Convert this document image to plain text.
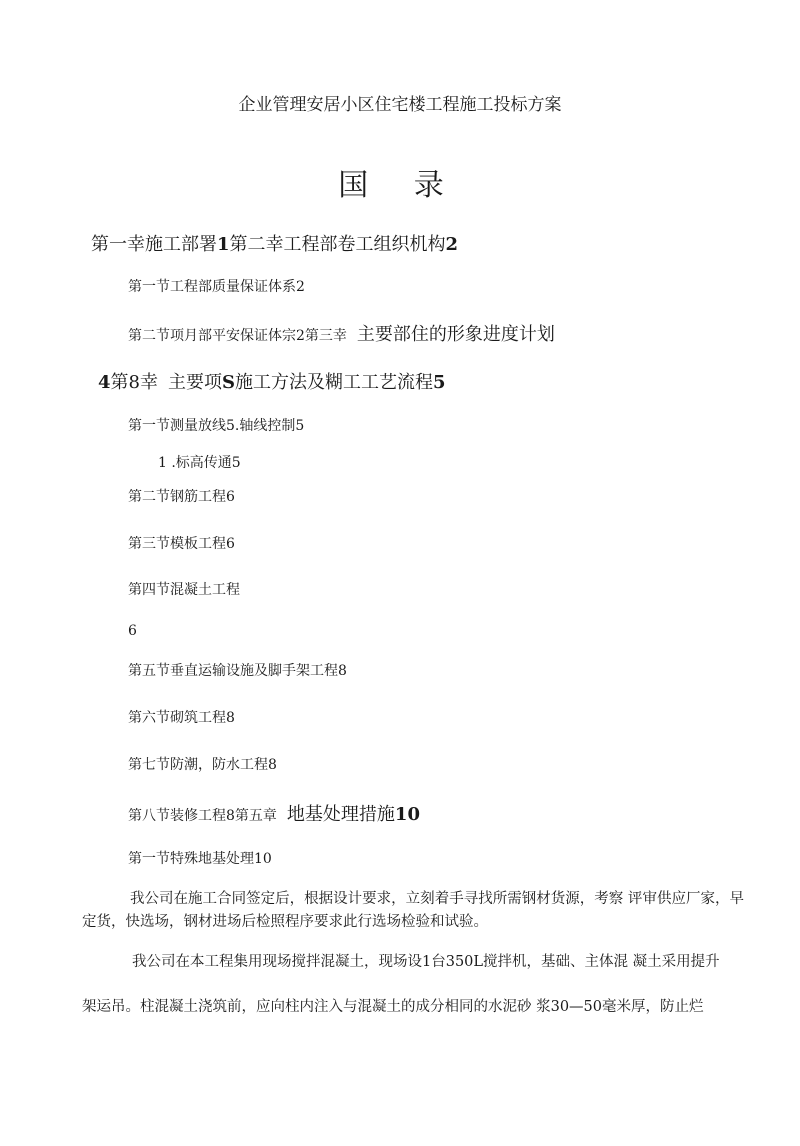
企业管理安居小区住宅楼工程施工投标方案
国 录
第一幸施工部署1第二幸工程部卷工组织机构2
第一节工程部质量保证体系2
第二节项月部平安保证体宗2第三幸 主要部住的形象进度计划
4第8幸 主要项S施工方法及糊工工艺流程5
第一节测量放线5.轴线控制5
1 .标高传通5
第二节钢筋工程6
第三节模板工程6
第四节混凝土工程
6
第五节垂直运输设施及脚手架工程8
第六节砌筑工程8
第七节防潮，防水工程8
第八节装修工程8第五章 地基处理措施10
第一节特殊地基处理10
我公司在施工合同签定后，根据设计要求，立刻着手寻找所需钢材货源，考察 评审供应厂家，早定货，快选场，钢材进场后检照程序要求此行选场检验和试验。
我公司在本工程集用现场搅拌混凝土，现场设1台350L搅拌机，基础、主体混 凝土采用提升
架运吊。柱混凝土浇筑前，应向柱内注入与混凝土的成分相同的水泥砂 浆30—50毫米厚，防止烂
